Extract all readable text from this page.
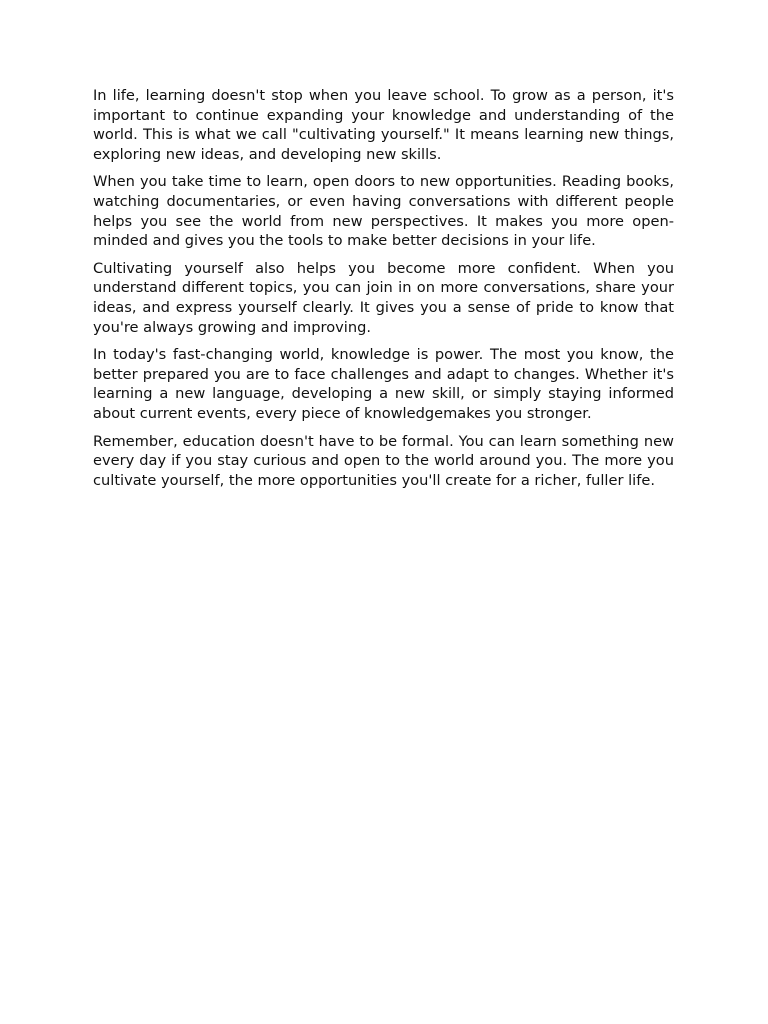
In life, learning doesn't stop when you leave school. To grow as a person, it's important to continue expanding your knowledge and understanding of the world. This is what we call "cultivating yourself." It means learning new things, exploring new ideas, and developing new skills.

When you take time to learn, open doors to new opportunities. Reading books, watching documentaries, or even having conversations with different people helps you see the world from new perspectives. It makes you more open-minded and gives you the tools to make better decisions in your life.

Cultivating yourself also helps you become more confident. When you understand different topics, you can join in on more conversations, share your ideas, and express yourself clearly. It gives you a sense of pride to know that you're always growing and improving.

In today's fast-changing world, knowledge is power. The most you know, the better prepared you are to face challenges and adapt to changes. Whether it's learning a new language, developing a new skill, or simply staying informed about current events, every piece of knowledgemakes you stronger.

Remember, education doesn't have to be formal. You can learn something new every day if you stay curious and open to the world around you. The more you cultivate yourself, the more opportunities you'll create for a richer, fuller life.
